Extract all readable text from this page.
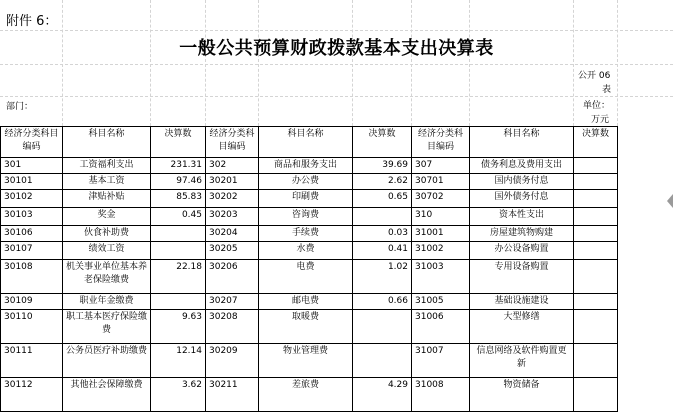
附件 6：
一般公共预算财政拨款基本支出决算表
公开 06
表
部门：	单位：
万元
经济分类科目编码	科目名称	决算数	经济分类科目编码	科目名称	决算数	经济分类科目编码	科目名称	决算数
301	工资福利支出	231.31	302	商品和服务支出	39.69	307	债务利息及费用支出	
30101	基本工资	97.46	30201	办公费	2.62	30701	国内债务付息	
30102	津贴补贴	85.83	30202	印刷费	0.65	30702	国外债务付息	
30103	奖金	0.45	30203	咨询费		310	资本性支出	
30106	伙食补助费		30204	手续费	0.03	31001	房屋建筑物购建	
30107	绩效工资		30205	水费	0.41	31002	办公设备购置	
30108	机关事业单位基本养老保险缴费	22.18	30206	电费	1.02	31003	专用设备购置	
30109	职业年金缴费		30207	邮电费	0.66	31005	基础设施建设	
30110	职工基本医疗保险缴费	9.63	30208	取暖费		31006	大型修缮	
30111	公务员医疗补助缴费	12.14	30209	物业管理费		31007	信息网络及软件购置更新	
30112	其他社会保障缴费	3.62	30211	差旅费	4.29	31008	物资储备	
